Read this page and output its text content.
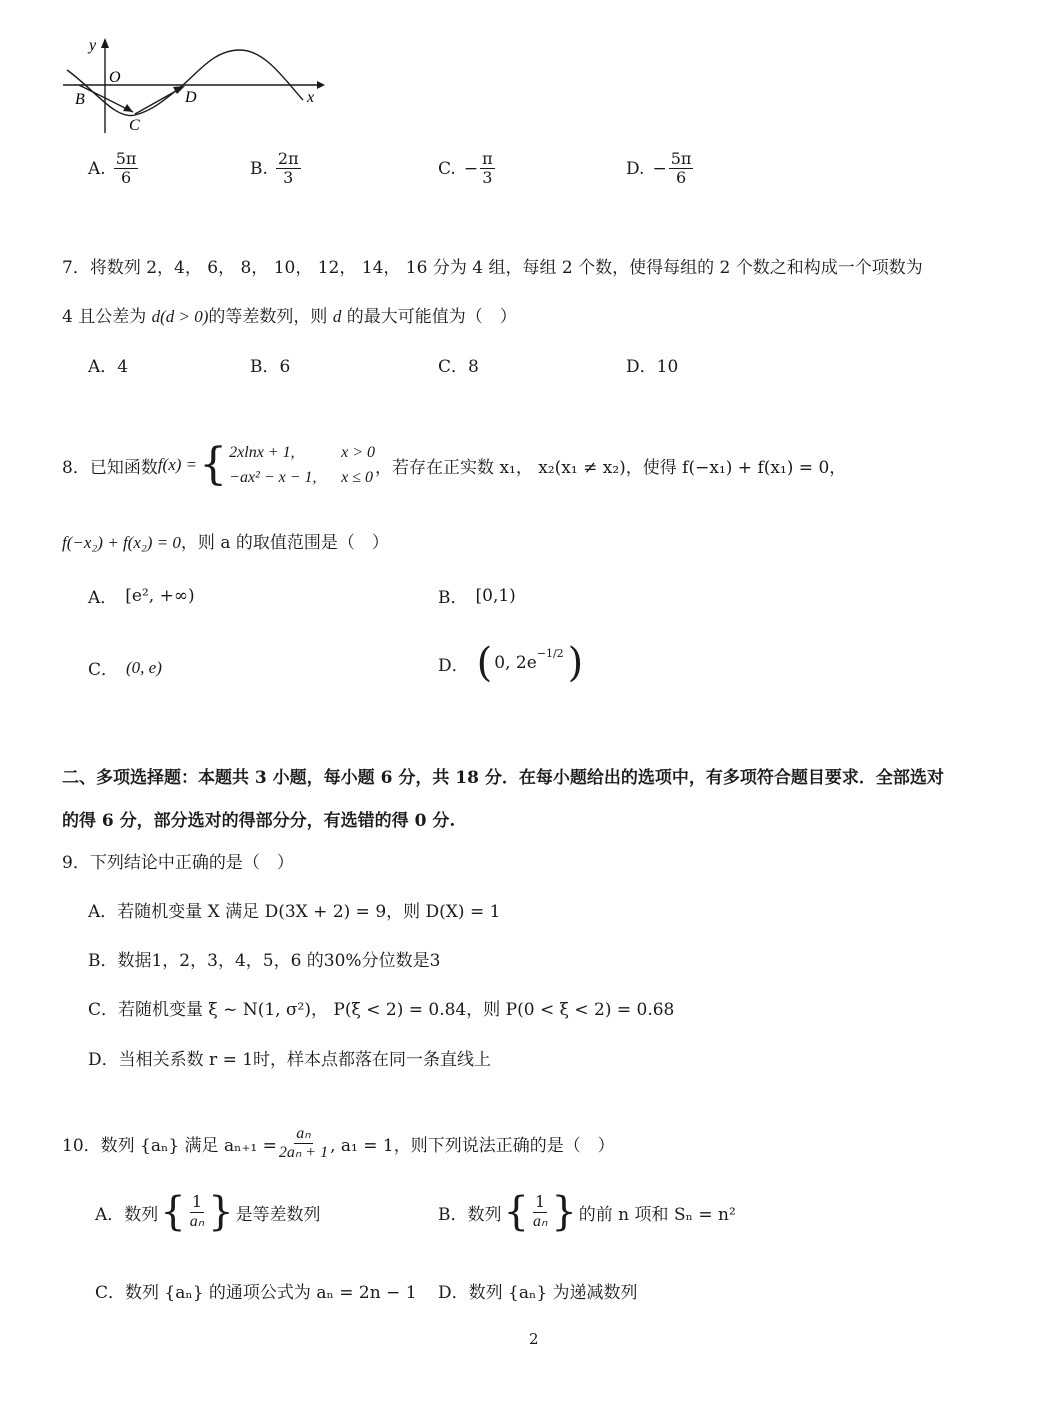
y
O
B
C
D	x
A. $\frac{5\pi}{6}$	B. $\frac{2\pi}{3}$	C. − $\frac{\pi}{3}$	D. − $\frac{5\pi}{6}$
7．将数列 2，4， 6， 8， 10， 12， 14， 16 分为 4 组，每组 2 个数，使得每组的 2 个数之和构成一个项数为
4 且公差为 d(d > 0)的等差数列，则 d 的最大可能值为（　）
A．4	B．6	C．8	D．10
8．已知函数 f(x) = { 2xlnx + 1,	x > 0
−ax² − x − 1, x ≤ 0 ，若存在正实数 x₁， x₂(x₁ ≠ x₂)，使得 f(−x₁) + f(x₁) = 0，
f(−x₂) + f(x₂) = 0，则 a 的取值范围是（　）
A． [e², +∞)	B． [0,1)
C． (0, e)	D． ( 0, $2e^{-1/2}$ )
二、多项选择题：本题共 3 小题，每小题 6 分，共 18 分．在每小题给出的选项中，有多项符合题目要求．全部选对
的得 6 分，部分选对的得部分分，有选错的得 0 分.
9．下列结论中正确的是（　）
A．若随机变量 X 满足 D(3X + 2) = 9，则 D(X) = 1
B．数据1，2，3，4，5，6 的30%分位数是3
C．若随机变量 ξ ~ N(1, σ²)， P(ξ < 2) = 0.84，则 P(0 < ξ < 2) = 0.68
D．当相关系数 r = 1时，样本点都落在同一条直线上
10．数列 {aₙ} 满足 $a_{n+1} = \frac{\text{aₙ}}{\text{2aₙ + 1}}$ , a₁ = 1，则下列说法正确的是（　）
A．数列 { $\frac{1}{\text{aₙ}}$ } 是等差数列	B．数列 { $\frac{1}{\text{aₙ}}$ } 的前 n 项和 Sₙ = n²
C．数列 {aₙ} 的通项公式为 aₙ = 2n − 1 D．数列 {aₙ} 为递减数列
2
